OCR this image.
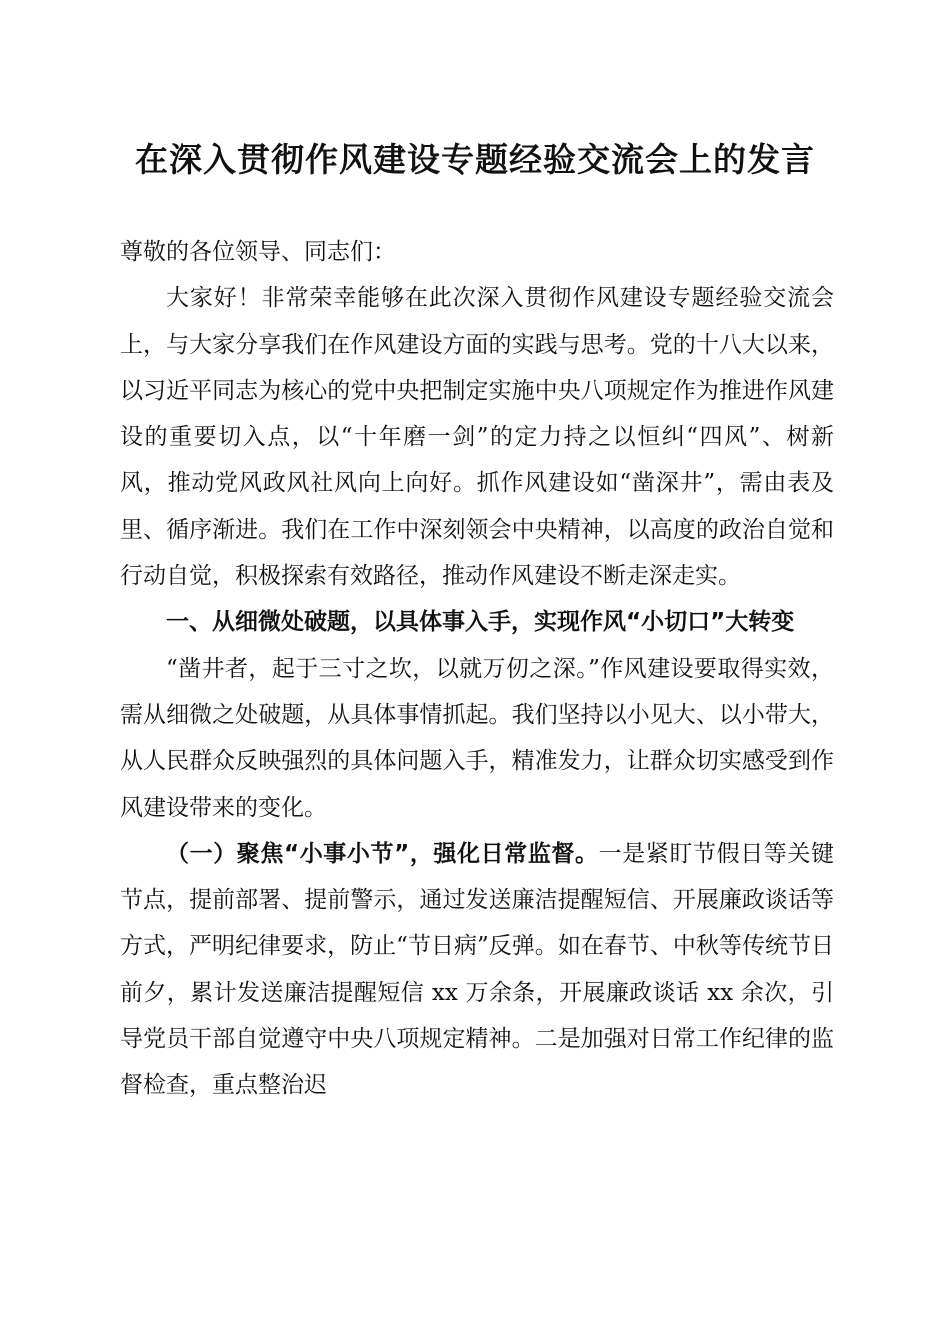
在深入贯彻作风建设专题经验交流会上的发言

尊敬的各位领导、同志们：

大家好！非常荣幸能够在此次深入贯彻作风建设专题经验交流会上，与大家分享我们在作风建设方面的实践与思考。党的十八大以来，以习近平同志为核心的党中央把制定实施中央八项规定作为推进作风建设的重要切入点，以“十年磨一剑”的定力持之以恒纠“四风”、树新风，推动党风政风社风向上向好。抓作风建设如“凿深井”，需由表及里、循序渐进。我们在工作中深刻领会中央精神，以高度的政治自觉和行动自觉，积极探索有效路径，推动作风建设不断走深走实。

一、从细微处破题，以具体事入手，实现作风“小切口”大转变

“凿井者，起于三寸之坎，以就万仞之深。”作风建设要取得实效，需从细微之处破题，从具体事情抓起。我们坚持以小见大、以小带大，从人民群众反映强烈的具体问题入手，精准发力，让群众切实感受到作风建设带来的变化。

（一）聚焦“小事小节”，强化日常监督。一是紧盯节假日等关键节点，提前部署、提前警示，通过发送廉洁提醒短信、开展廉政谈话等方式，严明纪律要求，防止“节日病”反弹。如在春节、中秋等传统节日前夕，累计发送廉洁提醒短信 xx 万余条，开展廉政谈话 xx 余次，引导党员干部自觉遵守中央八项规定精神。二是加强对日常工作纪律的监督检查，重点整治迟
